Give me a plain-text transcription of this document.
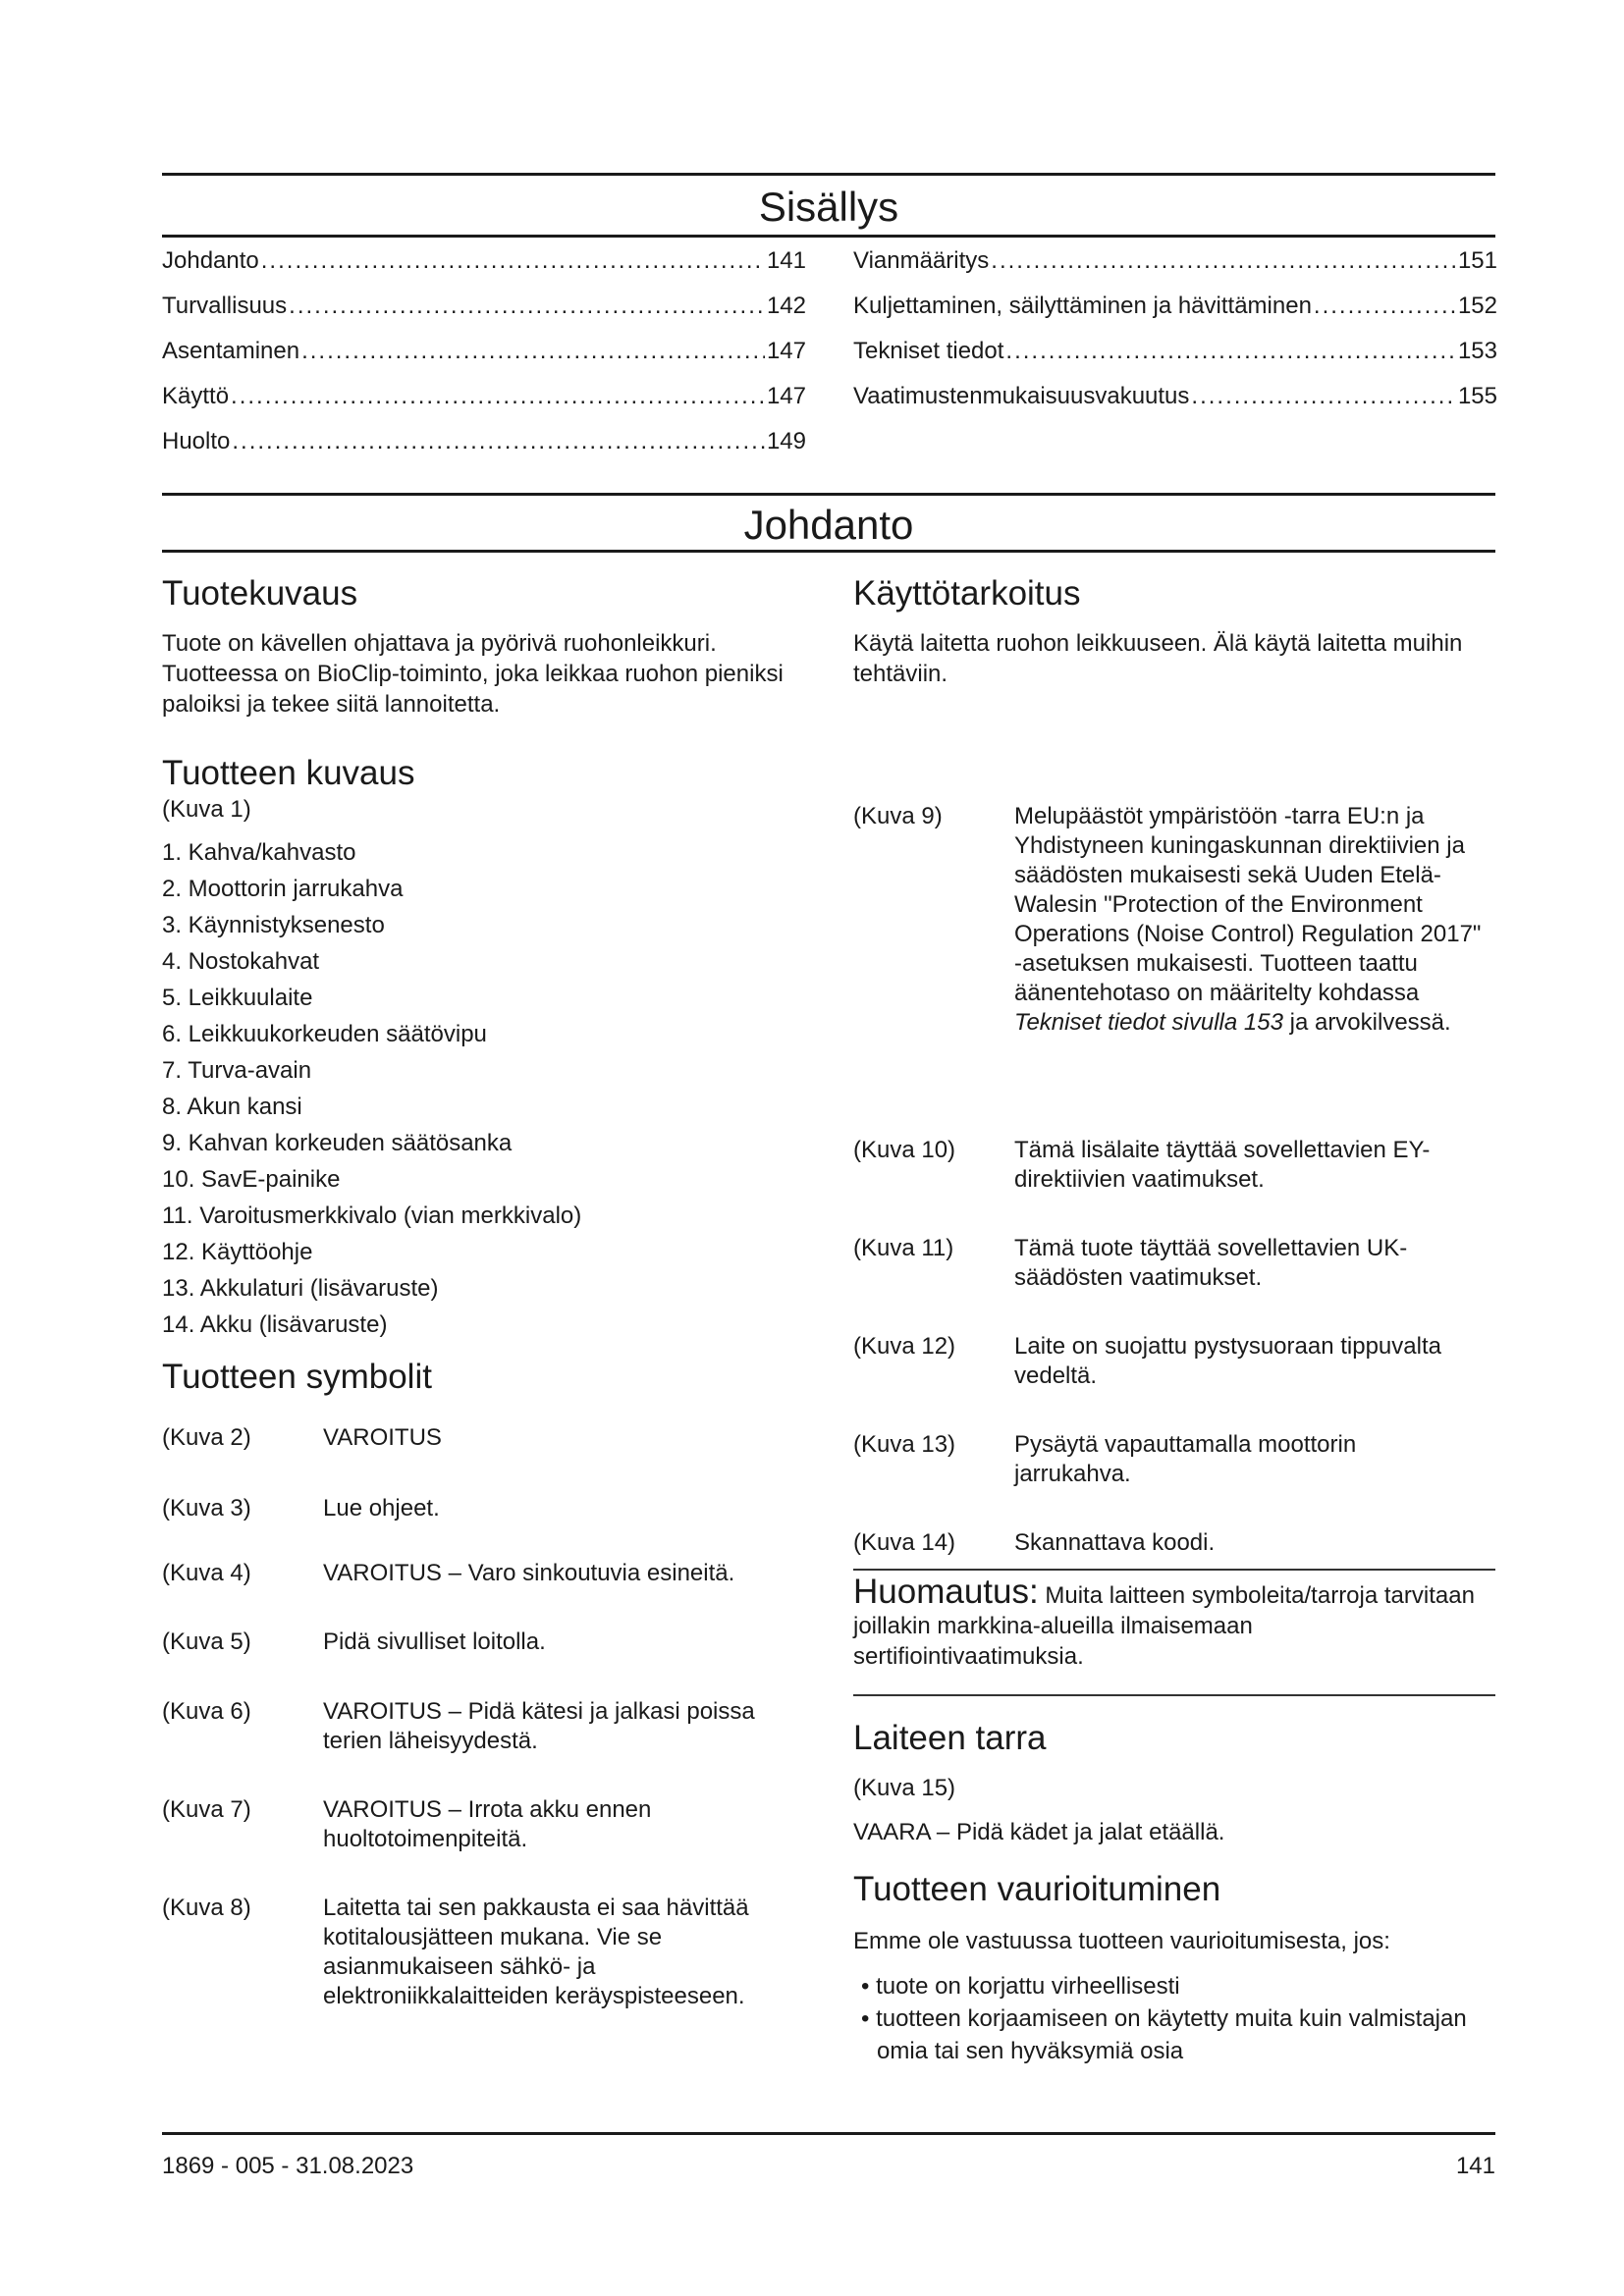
Sisällys
Johdanto .....	141
Turvallisuus .....	142
Asentaminen .....	147
Käyttö .....	147
Huolto .....	149
Vianmääritys .....	151
Kuljettaminen, säilyttäminen ja hävittäminen .....	152
Tekniset tiedot .....	153
Vaatimustenmukaisuusvakuutus .....	155
Johdanto
Tuotekuvaus

Tuote on kävellen ohjattava ja pyörivä ruohonleikkuri. Tuotteessa on BioClip-toiminto, joka leikkaa ruohon pieniksi paloiksi ja tekee siitä lannoitetta.

Tuotteen kuvaus

(Kuva 1)

1. Kahva/kahvasto
2. Moottorin jarrukahva
3. Käynnistyksenesto
4. Nostokahvat
5. Leikkuulaite
6. Leikkuukorkeuden säätövipu
7. Turva-avain
8. Akun kansi
9. Kahvan korkeuden säätösanka
10. SavE-painike
11. Varoitusmerkkivalo (vian merkkivalo)
12. Käyttöohje
13. Akkulaturi (lisävaruste)
14. Akku (lisävaruste)
Tuotteen symbolit
(Kuva 2)	VAROITUS
(Kuva 3)	Lue ohjeet.
(Kuva 4)	VAROITUS – Varo sinkoutuvia esineitä.
(Kuva 5)	Pidä sivulliset loitolla.
(Kuva 6)	VAROITUS – Pidä kätesi ja jalkasi poissa terien läheisyydestä.
(Kuva 7)	VAROITUS – Irrota akku ennen huoltotoimenpiteitä.
(Kuva 8)	Laitetta tai sen pakkausta ei saa hävittää kotitalousjätteen mukana. Vie se asianmukaiseen sähkö- ja elektroniikkalaitteiden keräyspisteeseen.
Käyttötarkoitus

Käytä laitetta ruohon leikkuuseen. Älä käytä laitetta muihin tehtäviin.

(Kuva 9)	Melupäästöt ympäristöön -tarra EU:n ja Yhdistyneen kuningaskunnan direktiivien ja säädösten mukaisesti sekä Uuden Etelä-Walesin "Protection of the Environment Operations (Noise Control) Regulation 2017" -asetuksen mukaisesti. Tuotteen taattu äänentehotaso on määritelty kohdassa Tekniset tiedot sivulla 153 ja arvokilvessä.
(Kuva 10)	Tämä lisälaite täyttää sovellettavien EY-direktiivien vaatimukset.
(Kuva 11)	Tämä tuote täyttää sovellettavien UK-säädösten vaatimukset.
(Kuva 12)	Laite on suojattu pystysuoraan tippuvalta vedeltä.
(Kuva 13)	Pysäytä vapauttamalla moottorin jarrukahva.
(Kuva 14)	Skannattava koodi.

Huomautus: Muita laitteen symboleita/tarroja tarvitaan joillakin markkina-alueilla ilmaisemaan sertifiointivaatimuksia.

Laiteen tarra

(Kuva 15)

VAARA – Pidä kädet ja jalat etäällä.

Tuotteen vaurioituminen

Emme ole vastuussa tuotteen vaurioitumisesta, jos:

• tuote on korjattu virheellisesti
• tuotteen korjaamiseen on käytetty muita kuin valmistajan omia tai sen hyväksymiä osia
1869 - 005 - 31.08.2023	141
